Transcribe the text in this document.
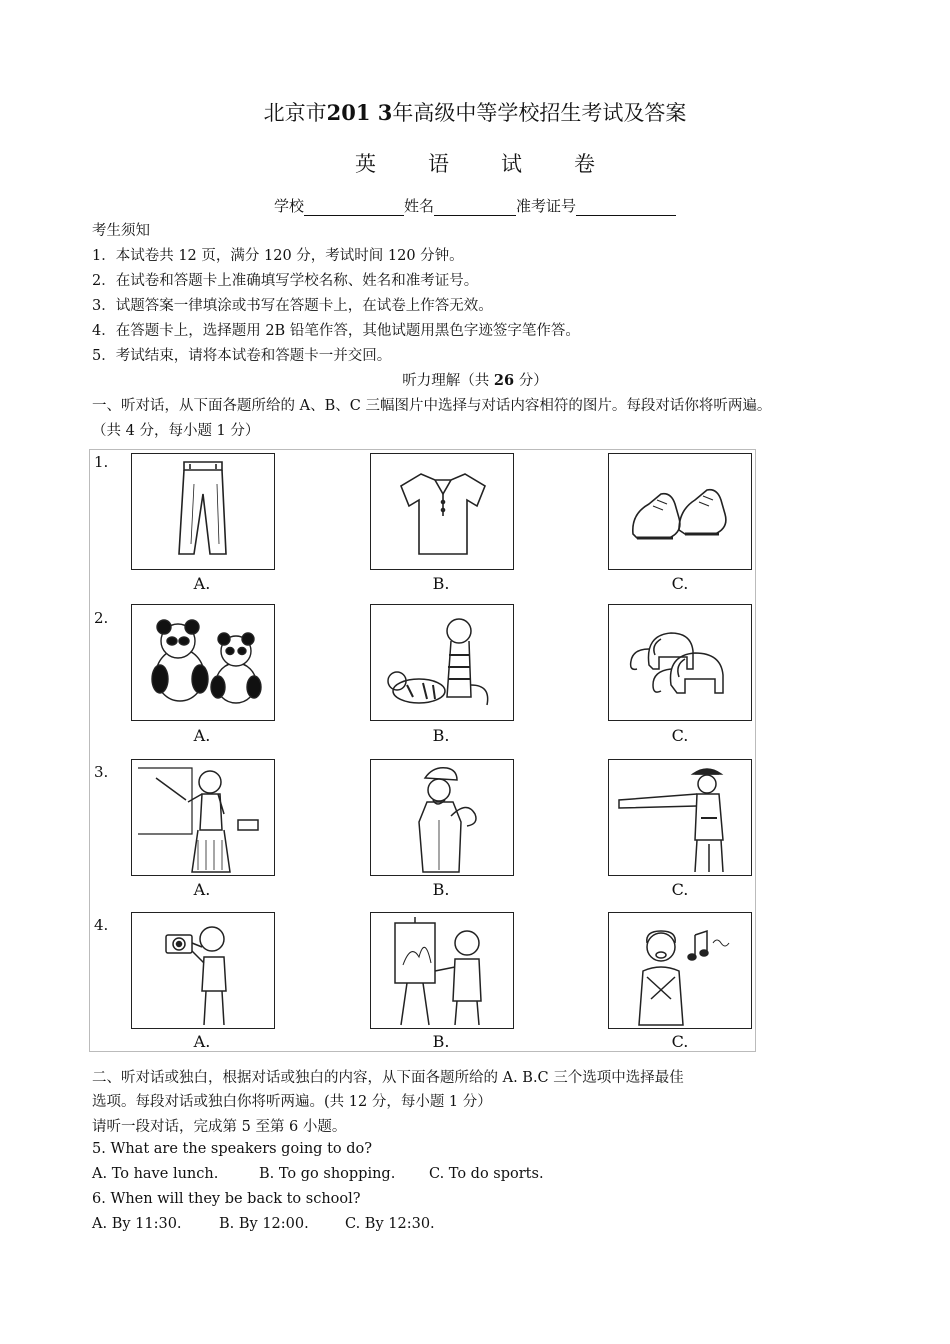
北京市201 3年高级中等学校招生考试及答案
英 语 试 卷
学校	姓名	准考证号
考生须知
1．本试卷共 12 页，满分 120 分，考试时间 120 分钟。
2．在试卷和答题卡上准确填写学校名称、姓名和准考证号。
3．试题答案一律填涂或书写在答题卡上，在试卷上作答无效。
4．在答题卡上，选择题用 2B 铅笔作答，其他试题用黑色字迹签字笔作答。
5．考试结束，请将本试卷和答题卡一并交回。
听力理解（共 26 分）
一、听对话，从下面各题所给的 A、B、C 三幅图片中选择与对话内容相符的图片。每段对话你将听两遍。
（共 4 分，每小题 1 分）
1.
A.	B.	C.
2.
A.	B.	C.
3.
A.	B.	C.
4.
A.	B.	C.
二、听对话或独白，根据对话或独白的内容，从下面各题所给的 A. B.C 三个选项中选择最佳
选项。每段对话或独白你将听两遍。(共 12 分，每小题 1 分）
请听一段对话，完成第 5 至第 6 小题。
5. What are the speakers going to do?
A. To have lunch.	B. To go shopping. C. To do sports.
6. When will they be back to school?
A. By 11:30.	B. By 12:00.	C. By 12:30.
